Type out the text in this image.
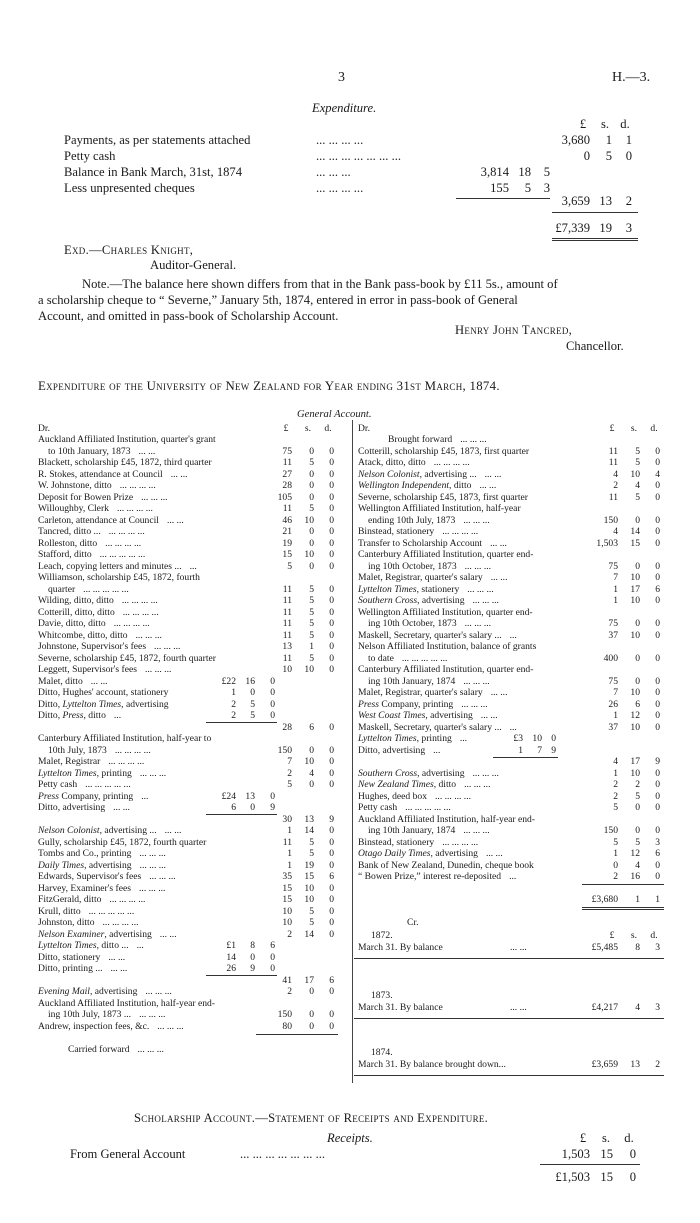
3	H.—3.
Expenditure.
£	s. d.
Payments, as per statements attached	... ... ... ...	3,680	1	1
Petty cash	... ... ... ... ... ... ...	0	5	0
Balance in Bank March, 31st, 1874	... ... ...	3,814 18	5
Less unpresented cheques	... ... ... ...	155	5	3
3,659 13	2
£7,339 19	3
Exd.—Charles Knight,
Auditor-General.
Note.—The balance here shown differs from that in the Bank pass-book by £11 5s., amount of
a scholarship cheque to “ Severne,” January 5th, 1874, entered in error in pass-book of General
Account, and omitted in pass-book of Scholarship Account.
Henry John Tancred,
Chancellor.
Expenditure of the University of New Zealand for Year ending 31st March, 1874.
General Account.
Dr.	£	s.	d.
Auckland Affiliated Institution, quarter's grant
to 10th January, 1873 ... ...	75	0	0
Blackett, scholarship £45, 1872, third quarter	11	5	0
R. Stokes, attendance at Council ... ...	27	0	0
W. Johnstone, ditto ... ... ... ...	28	0	0
Deposit for Bowen Prize ... ... ...	105	0	0
Willoughby, Clerk ... ... ... ...	11	5	0
Carleton, attendance at Council ... ...	46	10	0
Tancred, ditto ... ... ... ... ...	21	0	0
Rolleston, ditto ... ... ... ...	19	0	0
Stafford, ditto ... ... ... ... ...	15	10	0
Leach, copying letters and minutes ... ...	5	0	0
Williamson, scholarship £45, 1872, fourth
quarter ... ... ... ... ...	11	5	0
Wilding, ditto, ditto ... ... ... ...	11	5	0
Cotterill, ditto, ditto ... ... ... ...	11	5	0
Davie, ditto, ditto ... ... ... ...	11	5	0
Whitcombe, ditto, ditto ... ... ...	11	5	0
Johnstone, Supervisor's fees ... ... ...	13	1	0
Severne, scholarship £45, 1872, fourth quarter	11	5	0
Leggett, Supervisor's fees ... ... ...	10	10	0
Malet, ditto ... ...	£22 16	0
Ditto, Hughes' account, stationery	1	0	0
Ditto, Lyttelton Times, advertising	2	5	0
Ditto, Press, ditto ...	2	5	0
28	6	0
Canterbury Affiliated Institution, half-year to
10th July, 1873 ... ... ... ...	150	0	0
Malet, Registrar ... ... ... ...	7	10	0
Lyttelton Times, printing ... ... ...	2	4	0
Petty cash ... ... ... ... ...	5	0	0
Press Company, printing ...	£24 13	0
Ditto, advertising ... ...	6	0	9
30	13	9
Nelson Colonist, advertising ... ... ...	1	14	0
Gully, scholarship £45, 1872, fourth quarter	11	5	0
Tombs and Co., printing ... ... ...	1	5	0
Daily Times, advertising ... ... ...	1	19	0
Edwards, Supervisor's fees ... ... ...	35	15	6
Harvey, Examiner's fees ... ... ...	15	10	0
FitzGerald, ditto ... ... ... ...	15	10	0
Krull, ditto ... ... ... ... ...	10	5	0
Johnston, ditto ... ... ... ...	10	5	0
Nelson Examiner, advertising ... ...	2	14	0
Lyttelton Times, ditto ... ...	£1	8	6
Ditto, stationery ... ...	14	0	0
Ditto, printing ... ... ...	26	9	0
41	17	6
Evening Mail, advertising ... ... ...	2	0	0
Auckland Affiliated Institution, half-year end-
ing 10th July, 1873 ... ... ... ...	150	0	0
Andrew, inspection fees, &c. ... ... ...	80	0	0
Carried forward ... ... ...
Dr.	£	s.	d.
Brought forward ... ... ...
Cotterill, scholarship £45, 1873, first quarter	11	5	0
Atack, ditto, ditto ... ... ... ...	11	5	0
Nelson Colonist, advertising ... ... ...	4	10	4
Wellington Independent, ditto ... ...	2	4	0
Severne, scholarship £45, 1873, first quarter	11	5	0
Wellington Affiliated Institution, half-year
ending 10th July, 1873 ... ... ...	150	0	0
Binstead, stationery ... ... ... ...	4	14	0
Transfer to Scholarship Account ... ...	1,503	15	0
Canterbury Affiliated Institution, quarter end-
ing 10th October, 1873 ... ... ...	75	0	0
Malet, Registrar, quarter's salary ... ...	7	10	0
Lyttelton Times, stationery ... ... ...	1	17	6
Southern Cross, advertising ... ... ...	1	10	0
Wellington Affiliated Institution, quarter end-
ing 10th October, 1873 ... ... ...	75	0	0
Maskell, Secretary, quarter's salary ... ...	37	10	0
Nelson Affiliated Institution, balance of grants
to date ... ... ... ... ...	400	0	0
Canterbury Affiliated Institution, quarter end-
ing 10th January, 1874 ... ... ...	75	0	0
Malet, Registrar, quarter's salary ... ...	7	10	0
Press Company, printing ... ... ...	26	6	0
West Coast Times, advertising ... ...	1	12	0
Maskell, Secretary, quarter's salary ... ...	37	10	0
Lyttelton Times, printing ...	£3 10 0
Ditto, advertising ...	1	7 9
4	17	9
Southern Cross, advertising ... ... ...	1	10	0
New Zealand Times, ditto ... ... ...	2	2	0
Hughes, deed box ... ... ... ...	2	5	0
Petty cash ... ... ... ... ...	5	0	0
Auckland Affiliated Institution, half-year end-
ing 10th January, 1874 ... ... ...	150	0	0
Binstead, stationery ... ... ... ...	5	5	3
Otago Daily Times, advertising ... ...	1	12	6
Bank of New Zealand, Dunedin, cheque book	0	4	0
“ Bowen Prize,” interest re-deposited ...	2	16	0
£3,680	1	1
Cr.
1872.	£	s.	d.
March 31. By balance	... ...	£5,485	8	3
1873.
March 31. By balance	... ...	£4,217	4	3
1874.
March 31. By balance brought down...	£3,659	13	2
Scholarship Account.—Statement of Receipts and Expenditure.
Receipts.	£	s. d.
From General Account	... ... ... ... ... ... ...	1,503 15	0
£1,503 15	0
